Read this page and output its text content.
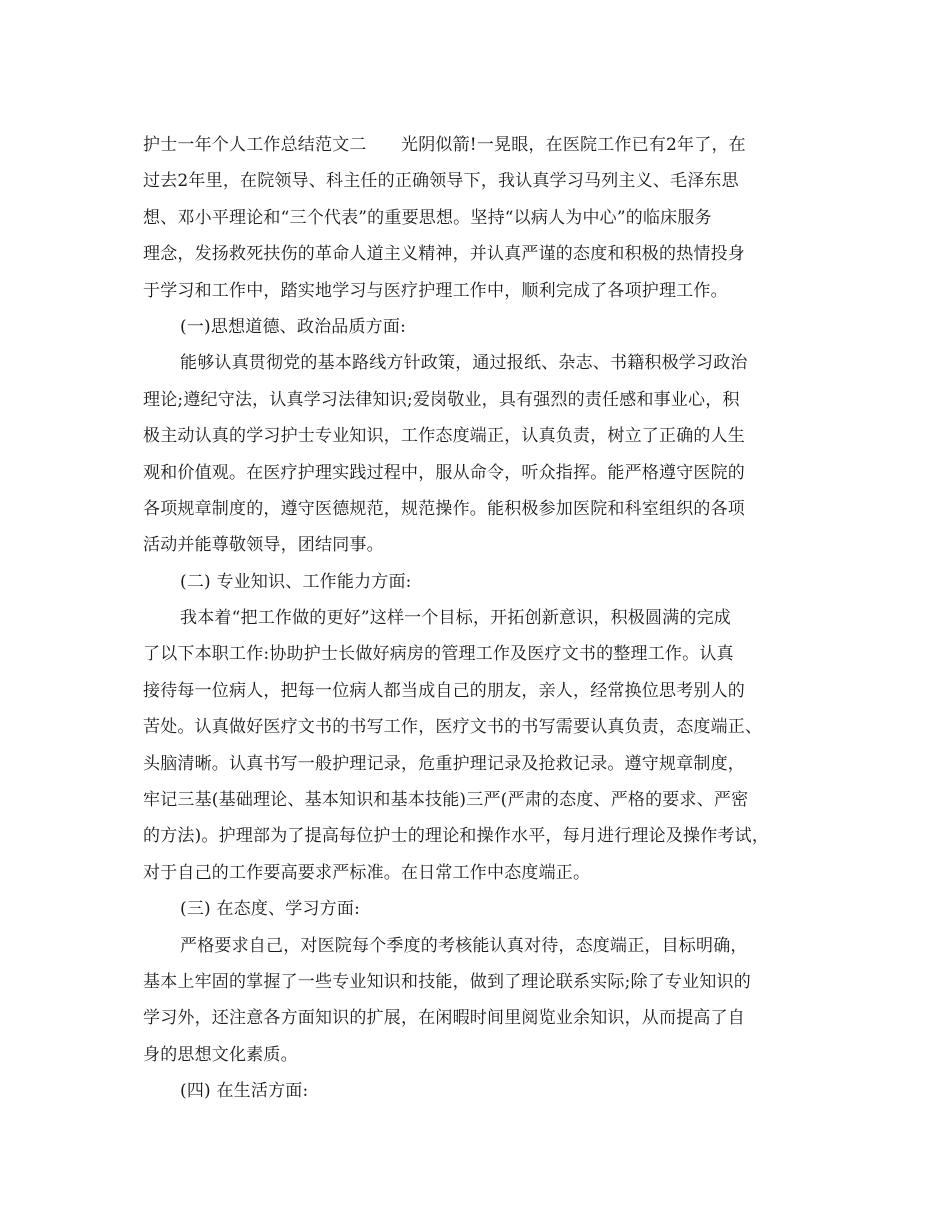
护士一年个人工作总结范文二　　光阴似箭!一晃眼，在医院工作已有2年了，在
过去2年里，在院领导、科主任的正确领导下，我认真学习马列主义、毛泽东思
想、邓小平理论和“三个代表”的重要思想。坚持“以病人为中心”的临床服务
理念，发扬救死扶伤的革命人道主义精神，并认真严谨的态度和积极的热情投身
于学习和工作中，踏实地学习与医疗护理工作中，顺利完成了各项护理工作。
(一)思想道德、政治品质方面:
能够认真贯彻党的基本路线方针政策，通过报纸、杂志、书籍积极学习政治
理论;遵纪守法，认真学习法律知识;爱岗敬业，具有强烈的责任感和事业心，积
极主动认真的学习护士专业知识，工作态度端正，认真负责，树立了正确的人生
观和价值观。在医疗护理实践过程中，服从命令，听众指挥。能严格遵守医院的
各项规章制度的，遵守医德规范，规范操作。能积极参加医院和科室组织的各项
活动并能尊敬领导，团结同事。
(二) 专业知识、工作能力方面:
我本着“把工作做的更好”这样一个目标，开拓创新意识，积极圆满的完成
了以下本职工作:协助护士长做好病房的管理工作及医疗文书的整理工作。认真
接待每一位病人，把每一位病人都当成自己的朋友，亲人，经常换位思考别人的
苦处。认真做好医疗文书的书写工作，医疗文书的书写需要认真负责，态度端正、
头脑清晰。认真书写一般护理记录，危重护理记录及抢救记录。遵守规章制度，
牢记三基(基础理论、基本知识和基本技能)三严(严肃的态度、严格的要求、严密
的方法)。护理部为了提高每位护士的理论和操作水平，每月进行理论及操作考试，
对于自己的工作要高要求严标准。在日常工作中态度端正。
(三) 在态度、学习方面:
严格要求自己，对医院每个季度的考核能认真对待，态度端正，目标明确，
基本上牢固的掌握了一些专业知识和技能，做到了理论联系实际;除了专业知识的
学习外，还注意各方面知识的扩展，在闲暇时间里阅览业余知识，从而提高了自
身的思想文化素质。
(四) 在生活方面:
